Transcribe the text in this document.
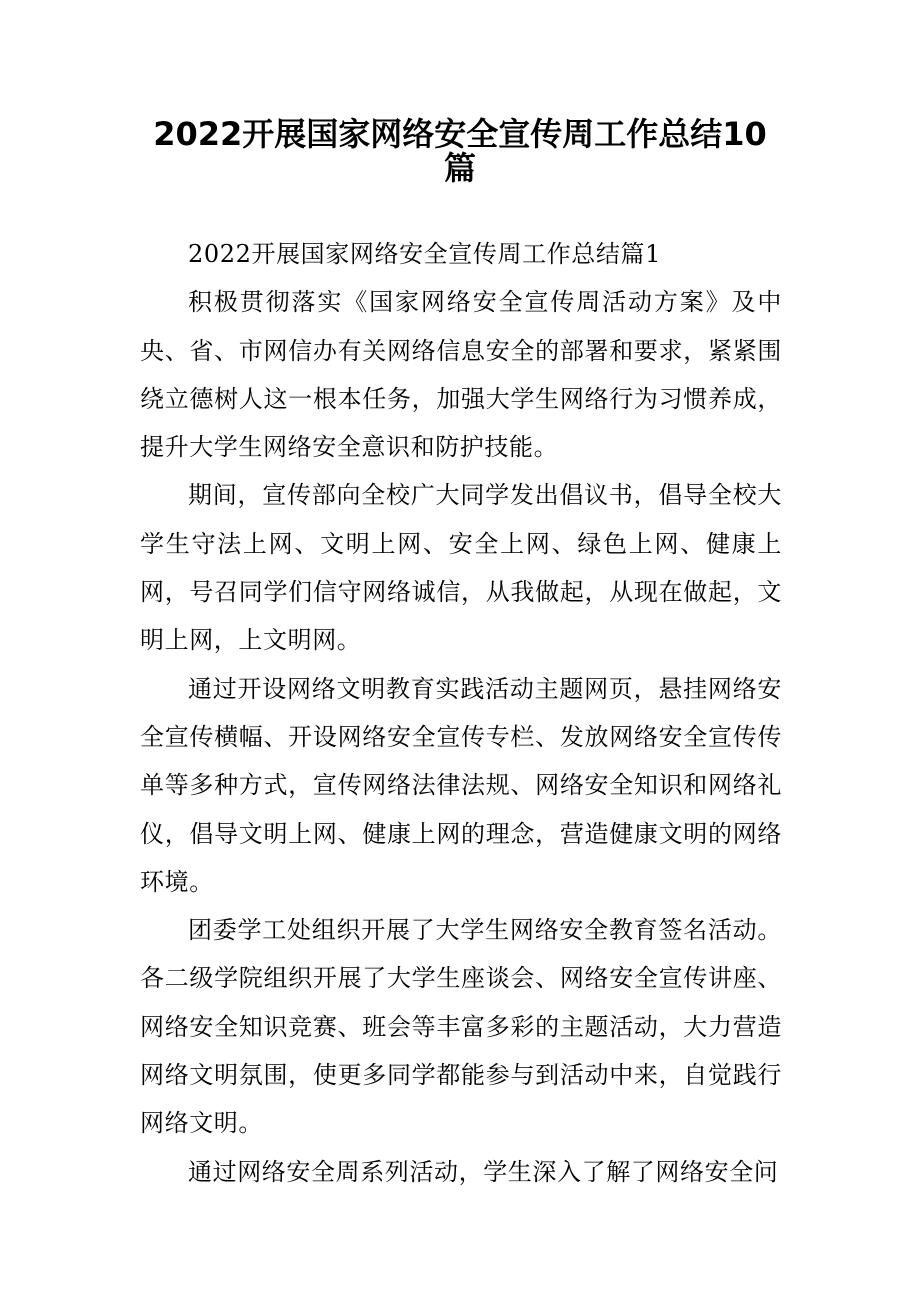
2022开展国家网络安全宣传周工作总结10
篇

2022开展国家网络安全宣传周工作总结篇1

积极贯彻落实《国家网络安全宣传周活动方案》及中央、省、市网信办有关网络信息安全的部署和要求，紧紧围绕立德树人这一根本任务，加强大学生网络行为习惯养成，提升大学生网络安全意识和防护技能。

期间，宣传部向全校广大同学发出倡议书，倡导全校大学生守法上网、文明上网、安全上网、绿色上网、健康上网，号召同学们信守网络诚信，从我做起，从现在做起，文明上网，上文明网。

通过开设网络文明教育实践活动主题网页，悬挂网络安全宣传横幅、开设网络安全宣传专栏、发放网络安全宣传传单等多种方式，宣传网络法律法规、网络安全知识和网络礼仪，倡导文明上网、健康上网的理念，营造健康文明的网络环境。

团委学工处组织开展了大学生网络安全教育签名活动。各二级学院组织开展了大学生座谈会、网络安全宣传讲座、网络安全知识竞赛、班会等丰富多彩的主题活动，大力营造网络文明氛围，使更多同学都能参与到活动中来，自觉践行网络文明。

通过网络安全周系列活动，学生深入了解了网络安全问
